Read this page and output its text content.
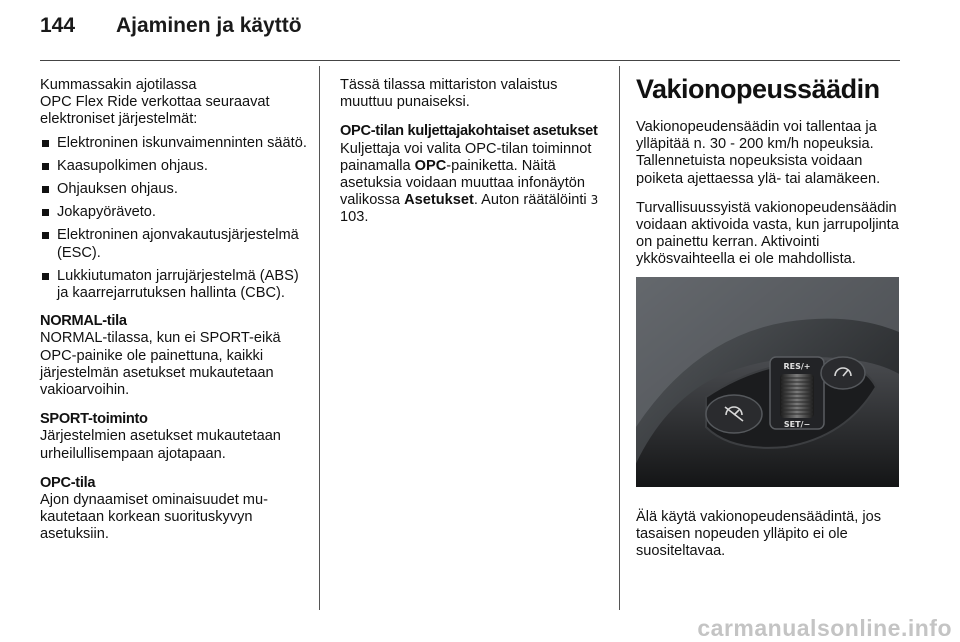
144 Ajaminen ja käyttö

Kummassakin ajotilassa
OPC Flex Ride verkottaa seuraavat
elektroniset järjestelmät:

Elektroninen iskunvaimenninten säätö.
Kaasupolkimen ohjaus.
Ohjauksen ohjaus.
Jokapyöräveto.
Elektroninen ajonvakautusjärjestelmä (ESC).
Lukkiutumaton jarrujärjestelmä (ABS) ja kaarrejarrutuksen hallinta (CBC).
NORMAL-tila

NORMAL-tilassa, kun ei SPORT-eikä OPC-painike ole painettuna, kaikki järjestelmän asetukset mukautetaan vakioarvoihin.

SPORT-toiminto

Järjestelmien asetukset mukautetaan urheilullisempaan ajotapaan.

OPC-tila

Ajon dynaamiset ominaisuudet mukautetaan korkean suorituskyvyn asetuksiin.

Tässä tilassa mittariston valaistus muuttuu punaiseksi.

OPC-tilan kuljettajakohtaiset asetukset

Kuljettaja voi valita OPC-tilan toiminnot painamalla OPC-painiketta. Näitä asetuksia voidaan muuttaa infonäytön valikossa Asetukset. Auton räätälöinti 3 103.

Vakionopeussäädin

Vakionopeudensäädin voi tallentaa ja ylläpitää n. 30 - 200 km/h nopeuksia. Tallennetuista nopeuksista voidaan poiketa ajettaessa ylä- tai alamäkeen.

Turvallisuussyistä vakionopeudensäädin voidaan aktivoida vasta, kun jarrupoljinta on painettu kerran. Aktivointi ykkösvaihteella ei ole mahdollista.

RES/+
SET/−

Älä käytä vakionopeudensäädintä, jos tasaisen nopeuden ylläpito ei ole suositeltavaa.

carmanualsonline.info
